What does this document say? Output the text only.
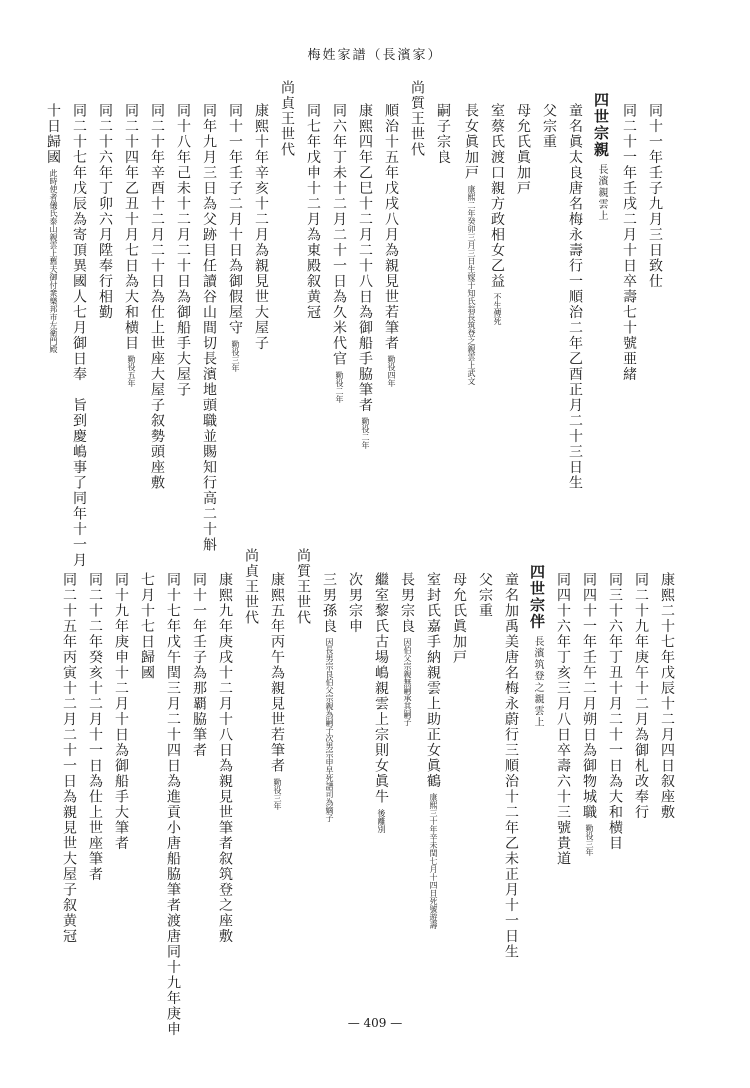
梅姓家譜（長濱家）
同十一年壬子九月三日致仕
同二十一年壬戌二月十日卒壽七十號亜緒
四世宗親長濱親雲上
童名眞太良唐名梅永壽行一順治二年乙酉正月二十三日生
父宗重
母允氏眞加戸
室蔡氏渡口親方政相女乙益不生傳死
長女眞加戸康熙二年癸卯三月三日生嫁于知氏翁長筑登之親雲上武文
嗣子宗良
尚質王世代
順治十五年戊戌八月為親見世若筆者勤役四年
康熙四年乙巳十二月二十八日為御船手脇筆者勤役二年
同六年丁未十二月二十一日為久米代官勤役二年
同七年戊申十二月為東殿叙黄冠
尚貞王世代
康熙十年辛亥十二月為親見世大屋子
同十一年壬子二月十日為御假屋守勤役三年
同年九月三日為父跡目任讀谷山間切長濱地頭職並賜知行高二十斛
同十八年己未十二月二十日為御船手大屋子
同二十年辛酉十二月二十日為仕上世座大屋子叙勢頭座敷
同二十四年乙丑十月七日為大和横目勤役五年
同二十六年丁卯六月陞奉行相勤
同二十七年戊辰為寄頂異國人七月御日奉　旨到慶嶋事了同年十一月
十日歸國此時使者儀氏泰山親雲上舊夫御付衆樂邦市左衛門殿
康熙二十七年戊辰十二月四日叙座敷
同二十九年庚午十二月為御札改奉行
同三十六年丁丑十月二十一日為大和横目
同四十一年壬午二月朔日為御物城職勤役三年
同四十六年丁亥三月八日卒壽六十三號貴道
四世宗伴長濱筑登之親雲上
童名加禹美唐名梅永蔚行三順治十二年乙未正月十一日生
父宗重
母允氏眞加戸
室封氏嘉手納親雲上助正女眞鶴康熙三十年辛未閏七月十四日死號遊壽
長男宗良因伯父宗親無嗣承其嗣子
繼室黎氏古場嶋親雲上宗則女眞牛後離別
次男宗申
三男孫良因長男宗良伯父宗親為嗣子次男宗申早死譜司為嫡子
尚質王世代
康熙五年丙午為親見世若筆者勤役三年
尚貞王世代
康熙九年庚戌十二月十八日為親見世筆者叙筑登之座敷
同十一年壬子為那覇脇筆者
同十七年戊午閏三月二十四日為進貢小唐船脇筆者渡唐同十九年庚申
七月十七日歸國
同十九年庚申十二月十日為御船手大筆者
同二十二年癸亥十二月十一日為仕上世座筆者
同二十五年丙寅十二月二十一日為親見世大屋子叙黄冠
— 409 —
